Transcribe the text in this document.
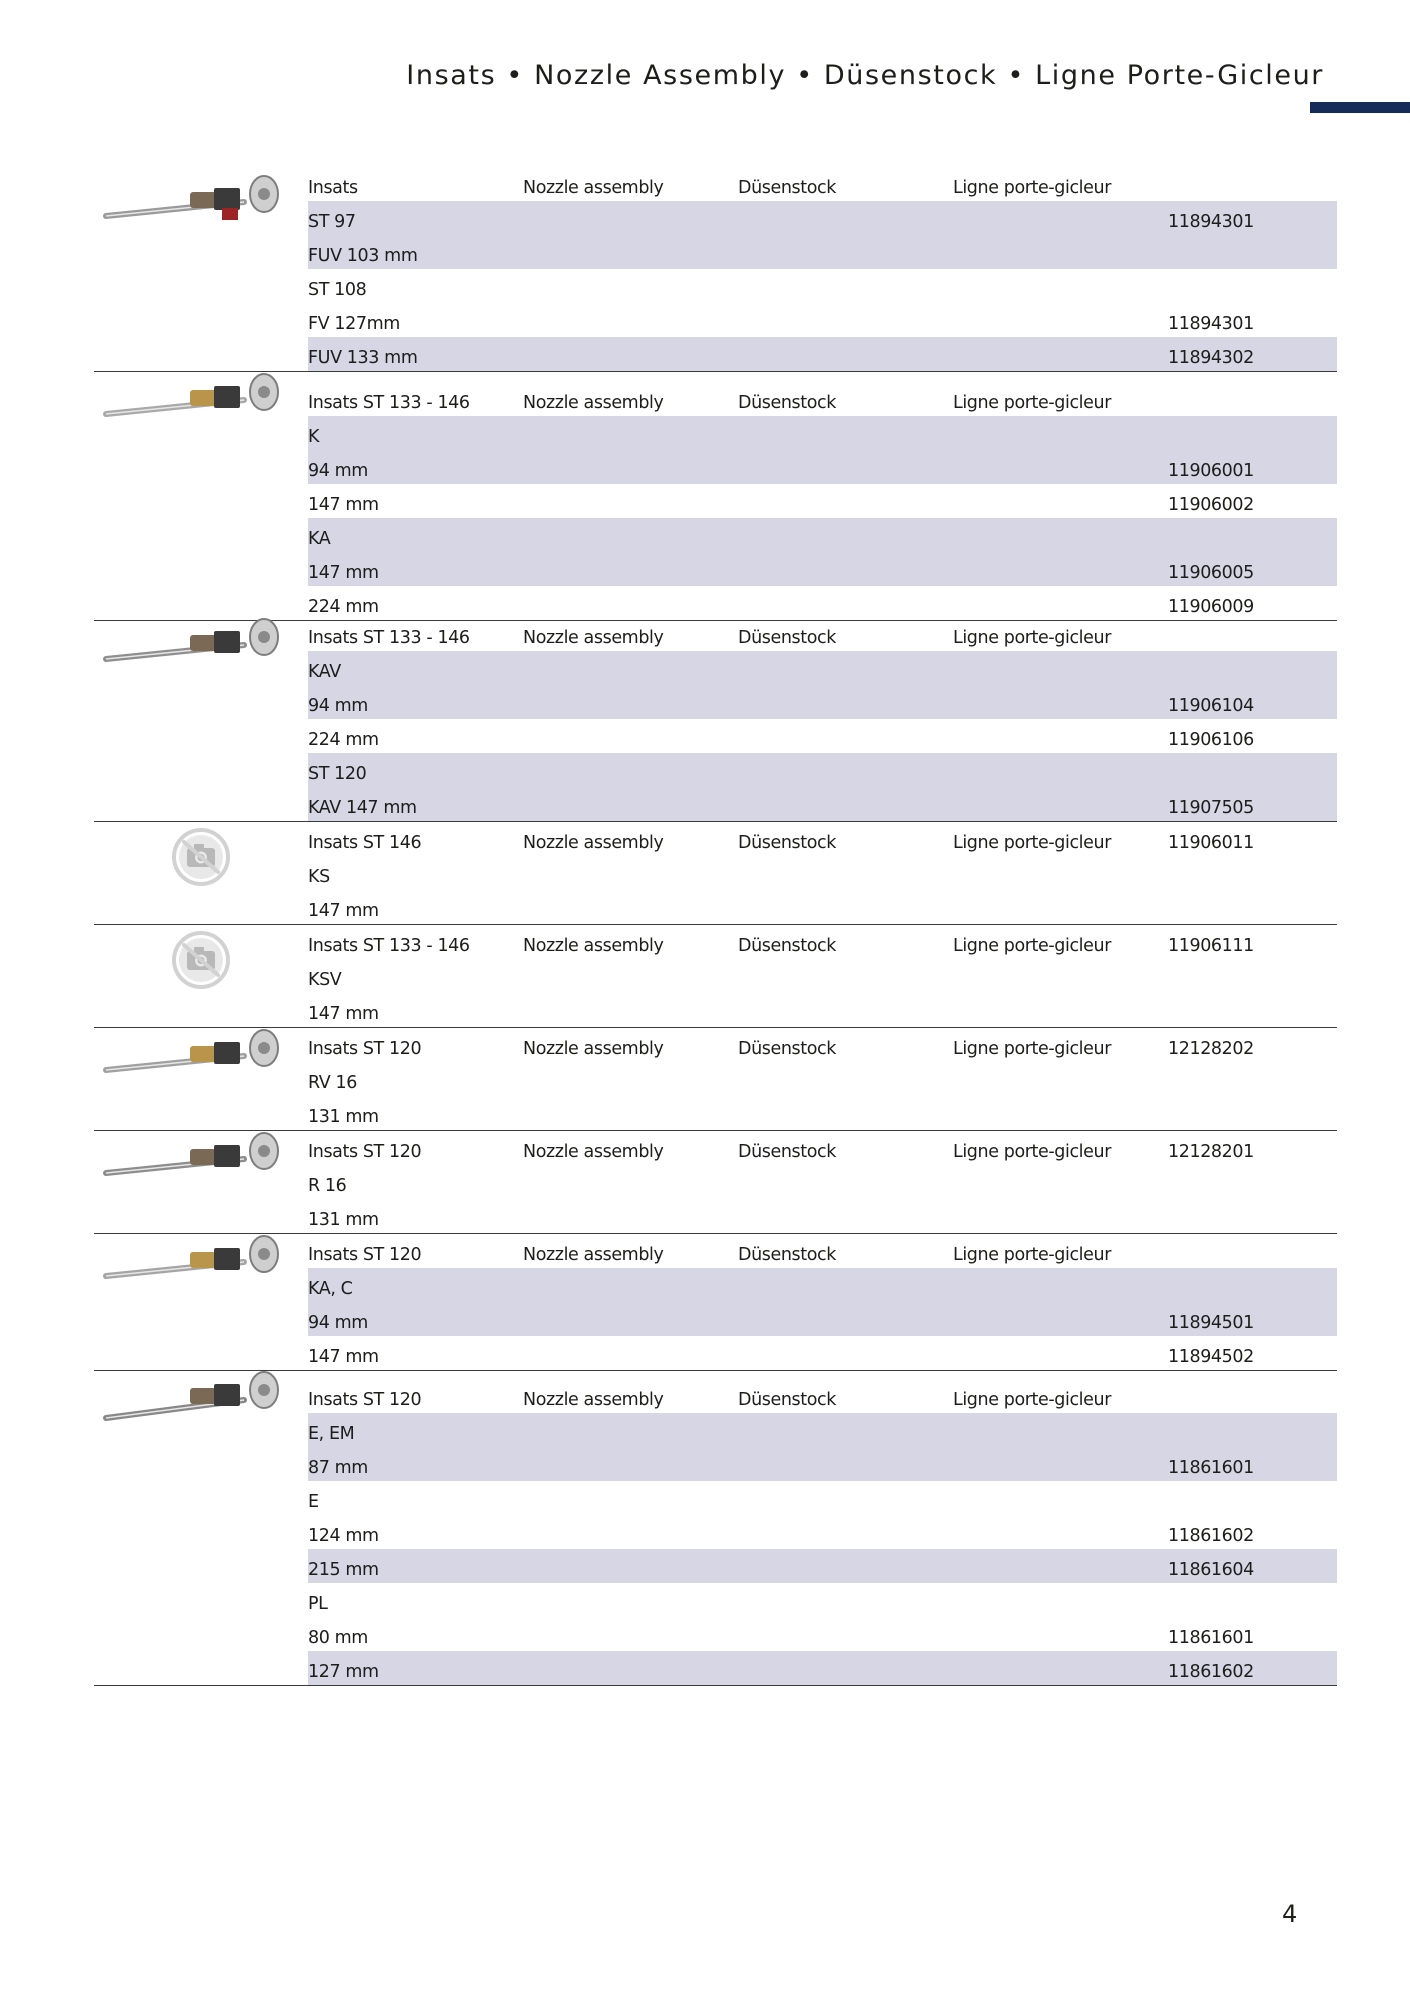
Insats • Nozzle Assembly • Düsenstock • Ligne Porte-Gicleur
Insats	Nozzle assembly	Düsenstock	Ligne porte-gicleur
ST 97	11894301
FUV 103 mm
ST 108
FV 127mm	11894301
FUV 133 mm	11894302
Insats ST 133 - 146	Nozzle assembly	Düsenstock	Ligne porte-gicleur
K
94 mm	11906001
147 mm	11906002
KA
147 mm	11906005
224 mm	11906009
Insats ST 133 - 146	Nozzle assembly	Düsenstock	Ligne porte-gicleur
KAV
94 mm	11906104
224 mm	11906106
ST 120
KAV 147 mm	11907505
Insats ST 146	Nozzle assembly	Düsenstock	Ligne porte-gicleur	11906011
KS
147 mm
Insats ST 133 - 146	Nozzle assembly	Düsenstock	Ligne porte-gicleur	11906111
KSV
147 mm
Insats ST 120	Nozzle assembly	Düsenstock	Ligne porte-gicleur	12128202
RV 16
131 mm
Insats ST 120	Nozzle assembly	Düsenstock	Ligne porte-gicleur	12128201
R 16
131 mm
Insats ST 120	Nozzle assembly	Düsenstock	Ligne porte-gicleur
KA, C
94 mm	11894501
147 mm	11894502
Insats ST 120	Nozzle assembly	Düsenstock	Ligne porte-gicleur
E, EM
87 mm	11861601
E
124 mm	11861602
215 mm	11861604
PL
80 mm	11861601
127 mm	11861602
4
